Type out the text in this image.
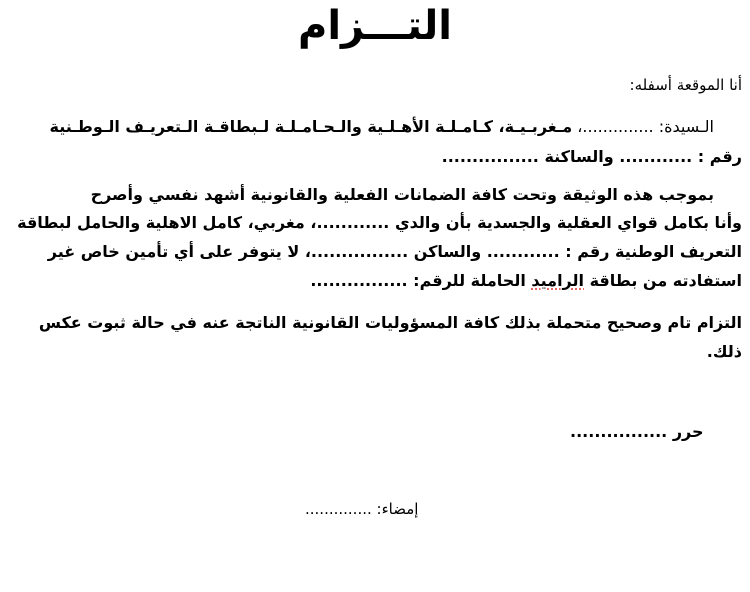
التـــزام
أنا الموقعة أسفله:
الـسيدة: ..............، مـغربـيـة، كـامـلـة الأهـلـية والـحـامـلـة لـبطاقـة الـتعريـف الـوطـنية
رقم : ............ والساكنة ................
بموجب هذه الوثيقة وتحت كافة الضمانات الفعلية والقانونية أشهد نفسي وأصرح
وأنا بكامل قواي العقلية والجسدية بأن والدي ............، مغربي، كامل الاهلية والحامل لبطاقة
التعريف الوطنية رقم : ............ والساكن ................، لا يتوفر على أي تأمين خاص غير
استفادته من بطاقة الراميد الحاملة للرقم: ................
التزام تام وصحيح متحملة بذلك كافة المسؤوليات القانونية الناتجة عنه في حالة ثبوت عكس
ذلك.
حرر ................
إمضاء: ..............
